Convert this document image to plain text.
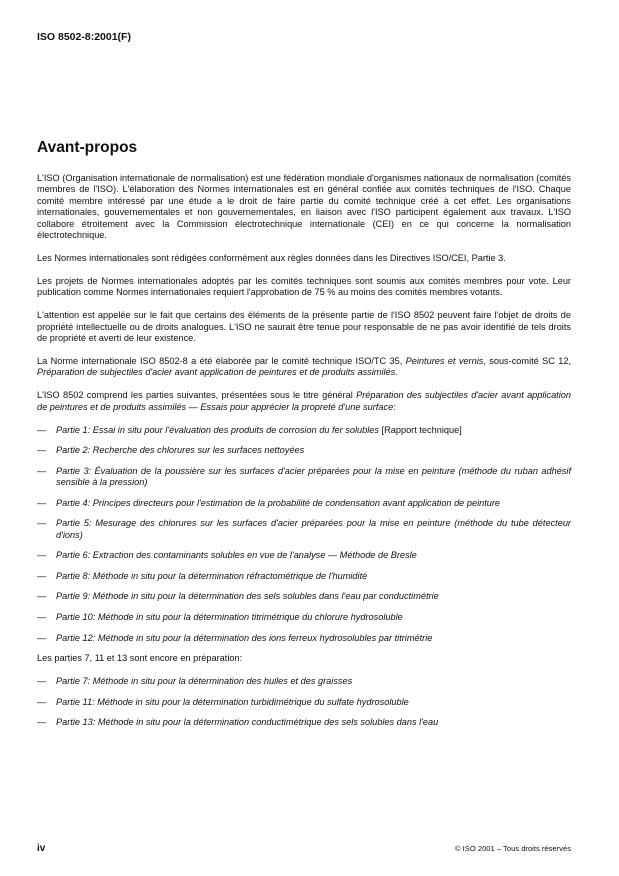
ISO 8502-8:2001(F)
Avant-propos

L'ISO (Organisation internationale de normalisation) est une fédération mondiale d'organismes nationaux de normalisation (comités membres de l'ISO). L'élaboration des Normes internationales est en général confiée aux comités techniques de l'ISO. Chaque comité membre intéressé par une étude a le droit de faire partie du comité technique créé à cet effet. Les organisations internationales, gouvernementales et non gouvernementales, en liaison avec l'ISO participent également aux travaux. L'ISO collabore étroitement avec la Commission électrotechnique internationale (CEI) en ce qui concerne la normalisation électrotechnique.

Les Normes internationales sont rédigées conformément aux règles données dans les Directives ISO/CEI, Partie 3.

Les projets de Normes internationales adoptés par les comités techniques sont soumis aux comités membres pour vote. Leur publication comme Normes internationales requiert l'approbation de 75 % au moins des comités membres votants.

L'attention est appelée sur le fait que certains des éléments de la présente partie de l'ISO 8502 peuvent faire l'objet de droits de propriété intellectuelle ou de droits analogues. L'ISO ne saurait être tenue pour responsable de ne pas avoir identifié de tels droits de propriété et averti de leur existence.

La Norme internationale ISO 8502-8 a été élaborée par le comité technique ISO/TC 35, Peintures et vernis, sous-comité SC 12, Préparation de subjectiles d'acier avant application de peintures et de produits assimilés.

L'ISO 8502 comprend les parties suivantes, présentées sous le titre général Préparation des subjectiles d'acier avant application de peintures et de produits assimilés — Essais pour apprécier la propreté d'une surface:

—	Partie 1: Essai in situ pour l'évaluation des produits de corrosion du fer solubles [Rapport technique]
—	Partie 2: Recherche des chlorures sur les surfaces nettoyées
—	Partie 3: Évaluation de la poussière sur les surfaces d'acier préparées pour la mise en peinture (méthode du ruban adhésif sensible à la pression)
—	Partie 4: Principes directeurs pour l'estimation de la probabilité de condensation avant application de peinture
—	Partie 5: Mesurage des chlorures sur les surfaces d'acier préparées pour la mise en peinture (méthode du tube détecteur d'ions)
—	Partie 6: Extraction des contaminants solubles en vue de l'analyse — Méthode de Bresle
—	Partie 8: Méthode in situ pour la détermination réfractométrique de l'humidité
—	Partie 9: Méthode in situ pour la détermination des sels solubles dans l'eau par conductimétrie
—	Partie 10: Méthode in situ pour la détermination titrimétrique du chlorure hydrosoluble
—	Partie 12: Méthode in situ pour la détermination des ions ferreux hydrosolubles par titrimétrie

Les parties 7, 11 et 13 sont encore en préparation:

—	Partie 7: Méthode in situ pour la détermination des huiles et des graisses
—	Partie 11: Méthode in situ pour la détermination turbidimétrique du sulfate hydrosoluble
—	Partie 13: Méthode in situ pour la détermination conductimétrique des sels solubles dans l'eau
iv	© ISO 2001 – Tous droits réservés
